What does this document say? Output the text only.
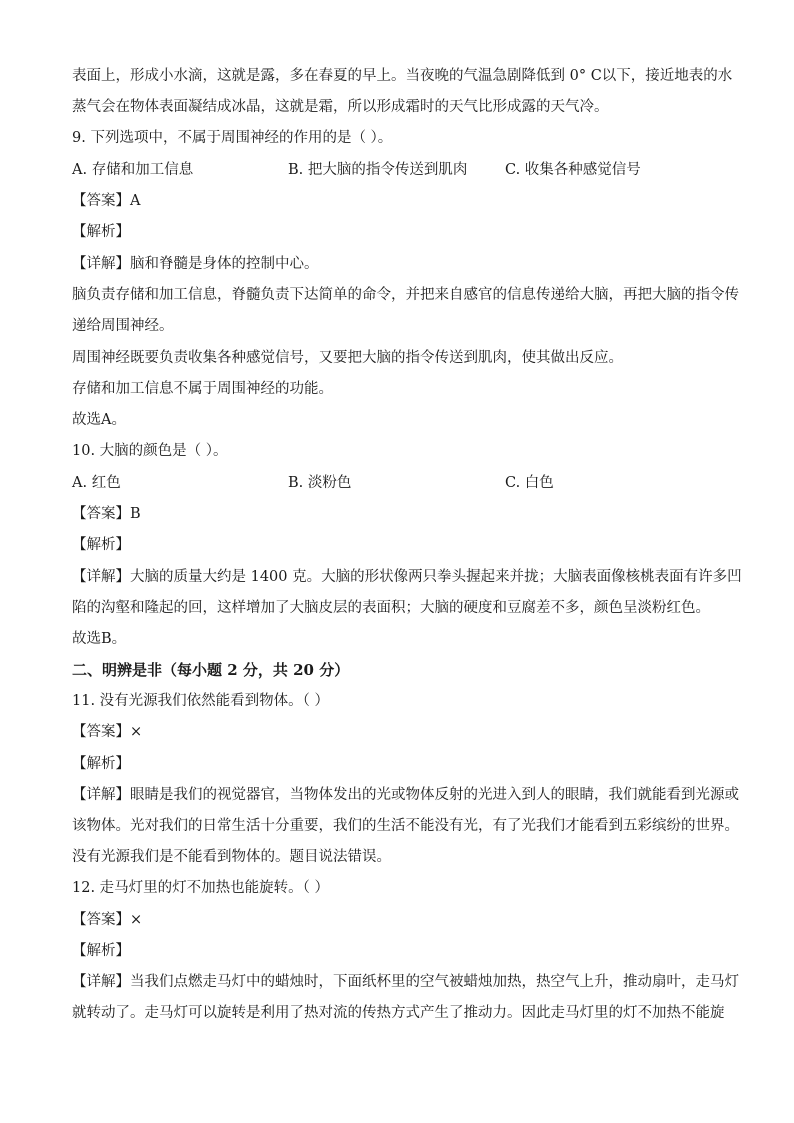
表面上，形成小水滴，这就是露，多在春夏的早上。当夜晚的气温急剧降低到 0° C以下，接近地表的水
蒸气会在物体表面凝结成冰晶，这就是霜，所以形成霜时的天气比形成露的天气冷。
9. 下列选项中，不属于周围神经的作用的是（ ）。
A. 存储和加工信息	B. 把大脑的指令传送到肌肉	C. 收集各种感觉信号
【答案】A
【解析】
【详解】脑和脊髓是身体的控制中心。
脑负责存储和加工信息，脊髓负责下达简单的命令，并把来自感官的信息传递给大脑，再把大脑的指令传
递给周围神经。
周围神经既要负责收集各种感觉信号，又要把大脑的指令传送到肌肉，使其做出反应。
存储和加工信息不属于周围神经的功能。
故选A。
10. 大脑的颜色是（ ）。
A. 红色	B. 淡粉色	C. 白色
【答案】B
【解析】
【详解】大脑的质量大约是 1400 克。大脑的形状像两只拳头握起来并拢；大脑表面像核桃表面有许多凹
陷的沟壑和隆起的回，这样增加了大脑皮层的表面积；大脑的硬度和豆腐差不多，颜色呈淡粉红色。
故选B。
二、明辨是非（每小题 2 分，共 20 分）
11. 没有光源我们依然能看到物体。（ ）
【答案】×
【解析】
【详解】眼睛是我们的视觉器官，当物体发出的光或物体反射的光进入到人的眼睛，我们就能看到光源或
该物体。光对我们的日常生活十分重要，我们的生活不能没有光，有了光我们才能看到五彩缤纷的世界。
没有光源我们是不能看到物体的。题目说法错误。
12. 走马灯里的灯不加热也能旋转。（ ）
【答案】×
【解析】
【详解】当我们点燃走马灯中的蜡烛时，下面纸杯里的空气被蜡烛加热，热空气上升，推动扇叶，走马灯
就转动了。走马灯可以旋转是利用了热对流的传热方式产生了推动力。因此走马灯里的灯不加热不能旋
